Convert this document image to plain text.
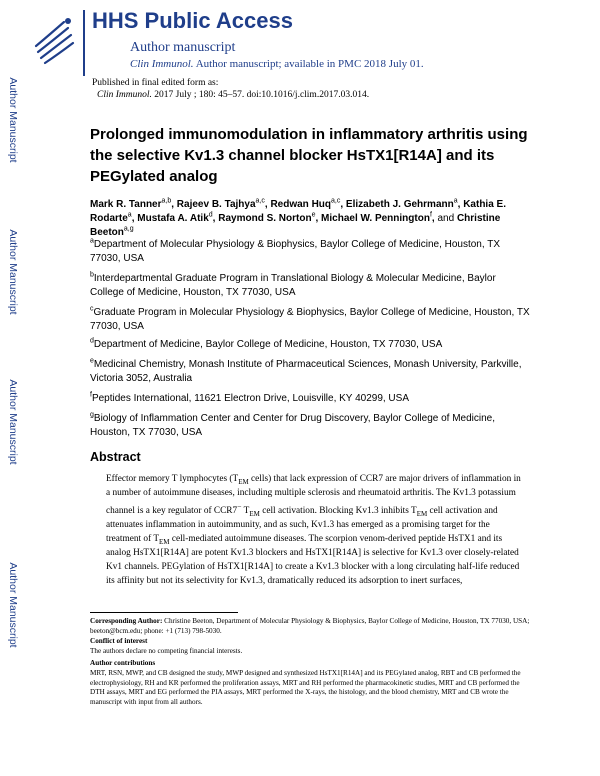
Author Manuscript
Author Manuscript
Author Manuscript
Author Manuscript
HHS Public Access
Author manuscript
Clin Immunol. Author manuscript; available in PMC 2018 July 01.
Published in final edited form as:
Clin Immunol. 2017 July ; 180: 45–57. doi:10.1016/j.clim.2017.03.014.
Prolonged immunomodulation in inflammatory arthritis using the selective Kv1.3 channel blocker HsTX1[R14A] and its PEGylated analog

Mark R. Tanner$^{a,b}$, Rajeev B. Tajhya$^{a,c}$, Redwan Huq$^{a,c}$, Elizabeth J. Gehrmann$^a$, Kathia E. Rodarte$^a$, Mustafa A. Atik$^d$, Raymond S. Norton$^e$, Michael W. Pennington$^f$, and Christine Beeton$^{a,g}$

$^a$Department of Molecular Physiology & Biophysics, Baylor College of Medicine, Houston, TX 77030, USA

$^b$Interdepartmental Graduate Program in Translational Biology & Molecular Medicine, Baylor College of Medicine, Houston, TX 77030, USA

$^c$Graduate Program in Molecular Physiology & Biophysics, Baylor College of Medicine, Houston, TX 77030, USA

$^d$Department of Medicine, Baylor College of Medicine, Houston, TX 77030, USA

$^e$Medicinal Chemistry, Monash Institute of Pharmaceutical Sciences, Monash University, Parkville, Victoria 3052, Australia

$^f$Peptides International, 11621 Electron Drive, Louisville, KY 40299, USA

$^g$Biology of Inflammation Center and Center for Drug Discovery, Baylor College of Medicine, Houston, TX 77030, USA

Abstract

Effector memory T lymphocytes ($T_{EM}$ cells) that lack expression of CCR7 are major drivers of inflammation in a number of autoimmune diseases, including multiple sclerosis and rheumatoid arthritis. The Kv1.3 potassium channel is a key regulator of CCR7− $T_{EM}$ cell activation. Blocking Kv1.3 inhibits $T_{EM}$ cell activation and attenuates inflammation in autoimmunity, and as such, Kv1.3 has emerged as a promising target for the treatment of $T_{EM}$ cell-mediated autoimmune diseases. The scorpion venom-derived peptide HsTX1 and its analog HsTX1[R14A] are potent Kv1.3 blockers and HsTX1[R14A] is selective for Kv1.3 over closely-related Kv1 channels. PEGylation of HsTX1[R14A] to create a Kv1.3 blocker with a long circulating half-life reduced its affinity but not its selectivity for Kv1.3, dramatically reduced its adsorption to inert surfaces,

Corresponding Author: Christine Beeton, Department of Molecular Physiology & Biophysics, Baylor College of Medicine, Houston, TX 77030, USA; beeton@bcm.edu; phone: +1 (713) 798-5030.

Conflict of interest

The authors declare no competing financial interests.

Author contributions

MRT, RSN, MWP, and CB designed the study, MWP designed and synthesized HsTX1[R14A] and its PEGylated analog, RBT and CB performed the electrophysiology, RH and KR performed the proliferation assays, MRT and RH performed the pharmacokinetic studies, MRT and CB performed the DTH assays, MRT and EG performed the PIA assays, MRT performed the X-rays, the histology, and the blood chemistry, MRT and CB wrote the manuscript with input from all authors.
